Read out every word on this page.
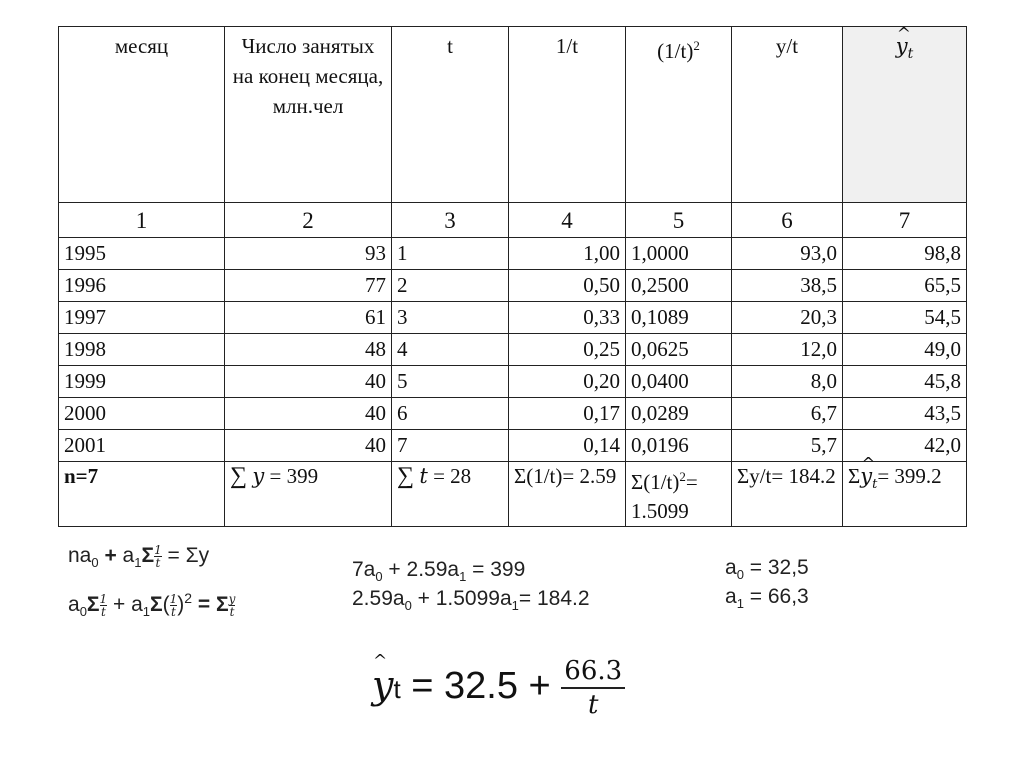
месяц	Число занятых на конец месяца, млн.чел	t	1/t	$(1/t)^2$	y/t	^ $y_t$
1	2	3	4	5	6	7
1995	93	1	1,00	1,0000	93,0	98,8
1996	77	2	0,50	0,2500	38,5	65,5
1997	61	3	0,33	0,1089	20,3	54,5
1998	48	4	0,25	0,0625	12,0	49,0
1999	40	5	0,20	0,0400	8,0	45,8
2000	40	6	0,17	0,0289	6,7	43,5
2001	40	7	0,14	0,0196	5,7	42,0
n=7	∑ y = 399	∑ t = 28	Σ(1/t)= 2.59	$\Sigma(1/t)^2= 1.5099$	Σy/t= 184.2	Σ^ $y_t= 399.2$
$na_0 + a_1\Sigma \frac{1}{t} = \Sigma y$
$a_0\Sigma \frac{1}{t} + a_1\Sigma( \frac{1}{t} )^2 = \Sigma \frac{y}{t}$
$7a_0 + 2.59a_1 = 399$
$2.59a_0 + 1.5099a_1= 184.2$
$a_0 = 32,5$
$a_1 = 66,3$
^ yt = $32.5 + \frac{66.3}{t}$
